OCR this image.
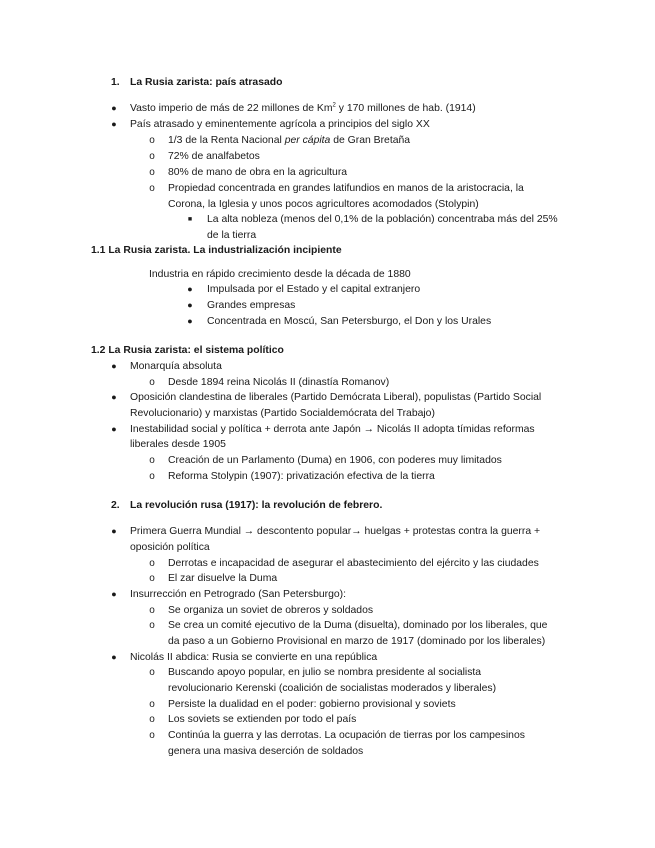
1. La Rusia zarista: país atrasado
●	Vasto imperio de más de 22 millones de Km$^2$ y 170 millones de hab. (1914)
●	País atrasado y eminentemente agrícola a principios del siglo XX
o	1/3 de la Renta Nacional per cápita de Gran Bretaña
o	72% de analfabetos
o	80% de mano de obra en la agricultura
o	Propiedad concentrada en grandes latifundios en manos de la aristocracia, la
Corona, la Iglesia y unos pocos agricultores acomodados (Stolypin)
■	La alta nobleza (menos del 0,1% de la población) concentraba más del 25%
de la tierra
1.1 La Rusia zarista. La industrialización incipiente
Industria en rápido crecimiento desde la década de 1880
●	Impulsada por el Estado y el capital extranjero
●	Grandes empresas
●	Concentrada en Moscú, San Petersburgo, el Don y los Urales
1.2 La Rusia zarista: el sistema político
●	Monarquía absoluta
o	Desde 1894 reina Nicolás II (dinastía Romanov)
●	Oposición clandestina de liberales (Partido Demócrata Liberal), populistas (Partido Social
Revolucionario) y marxistas (Partido Socialdemócrata del Trabajo)
●	Inestabilidad social y política + derrota ante Japón → Nicolás II adopta tímidas reformas
liberales desde 1905
o	Creación de un Parlamento (Duma) en 1906, con poderes muy limitados
o	Reforma Stolypin (1907): privatización efectiva de la tierra
2. La revolución rusa (1917): la revolución de febrero.
●	Primera Guerra Mundial → descontento popular→ huelgas + protestas contra la guerra +
oposición política
o	Derrotas e incapacidad de asegurar el abastecimiento del ejército y las ciudades
o	El zar disuelve la Duma
●	Insurrección en Petrogrado (San Petersburgo):
o	Se organiza un soviet de obreros y soldados
o	Se crea un comité ejecutivo de la Duma (disuelta), dominado por los liberales, que
da paso a un Gobierno Provisional en marzo de 1917 (dominado por los liberales)
●	Nicolás II abdica: Rusia se convierte en una república
o	Buscando apoyo popular, en julio se nombra presidente al socialista
revolucionario Kerenski (coalición de socialistas moderados y liberales)
o	Persiste la dualidad en el poder: gobierno provisional y soviets
o	Los soviets se extienden por todo el país
o	Continúa la guerra y las derrotas. La ocupación de tierras por los campesinos
genera una masiva deserción de soldados
